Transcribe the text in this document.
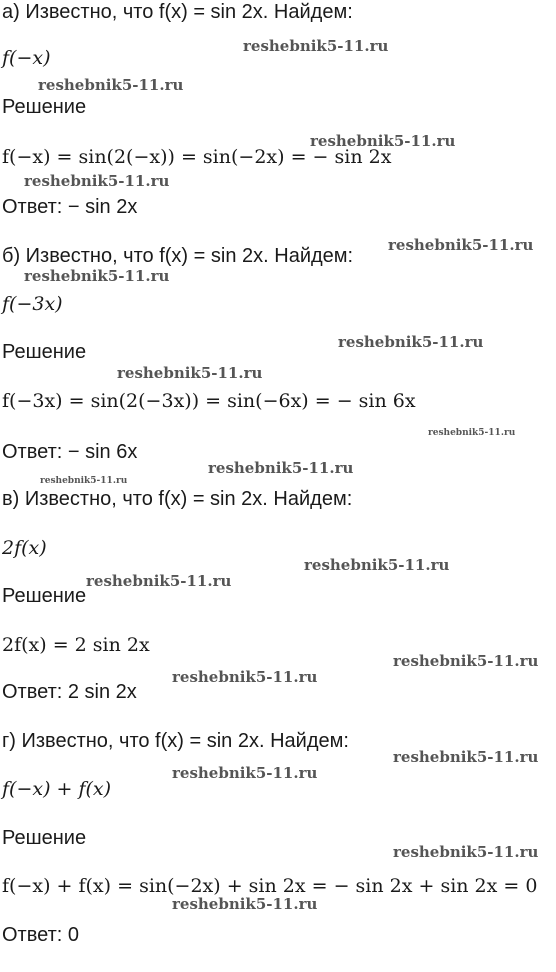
а) Известно, что f(x) = sin 2x. Найдем:
f(−x)
Решение
f(−x) = sin(2(−x)) = sin(−2x) = − sin 2x
Ответ: − sin 2x
б) Известно, что f(x) = sin 2x. Найдем:
f(−3x)
Решение
f(−3x) = sin(2(−3x)) = sin(−6x) = − sin 6x
Ответ: − sin 6x
в) Известно, что f(x) = sin 2x. Найдем:
2f(x)
Решение
2f(x) = 2 sin 2x
Ответ: 2 sin 2x
г) Известно, что f(x) = sin 2x. Найдем:
f(−x) + f(x)
Решение
f(−x) + f(x) = sin(−2x) + sin 2x = − sin 2x + sin 2x = 0
Ответ: 0
reshebnik5-11.ru
reshebnik5-11.ru
reshebnik5-11.ru
reshebnik5-11.ru
reshebnik5-11.ru
reshebnik5-11.ru
reshebnik5-11.ru
reshebnik5-11.ru
reshebnik5-11.ru
reshebnik5-11.ru
reshebnik5-11.ru
reshebnik5-11.ru
reshebnik5-11.ru
reshebnik5-11.ru
reshebnik5-11.ru
reshebnik5-11.ru
reshebnik5-11.ru
reshebnik5-11.ru
reshebnik5-11.ru
